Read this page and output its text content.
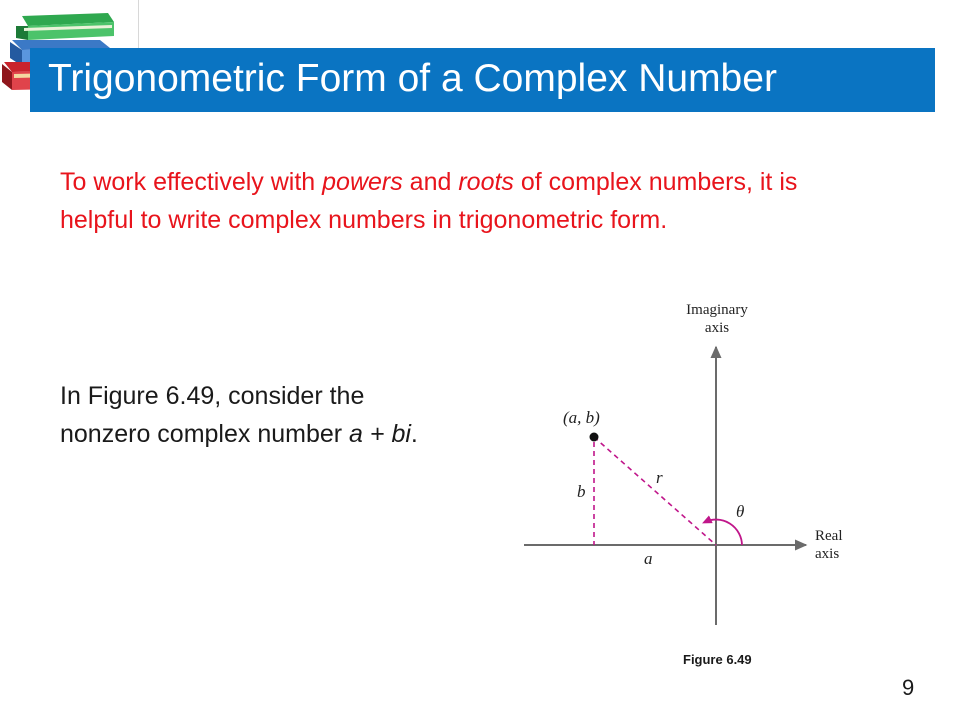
Trigonometric Form of a Complex Number

To work effectively with powers and roots of complex numbers, it is helpful to write complex numbers in trigonometric form.

In Figure 6.49, consider the nonzero complex number a + bi.

Imaginary
axis
Real
axis
(a, b)
b
r
θ
a
Figure 6.49
9
